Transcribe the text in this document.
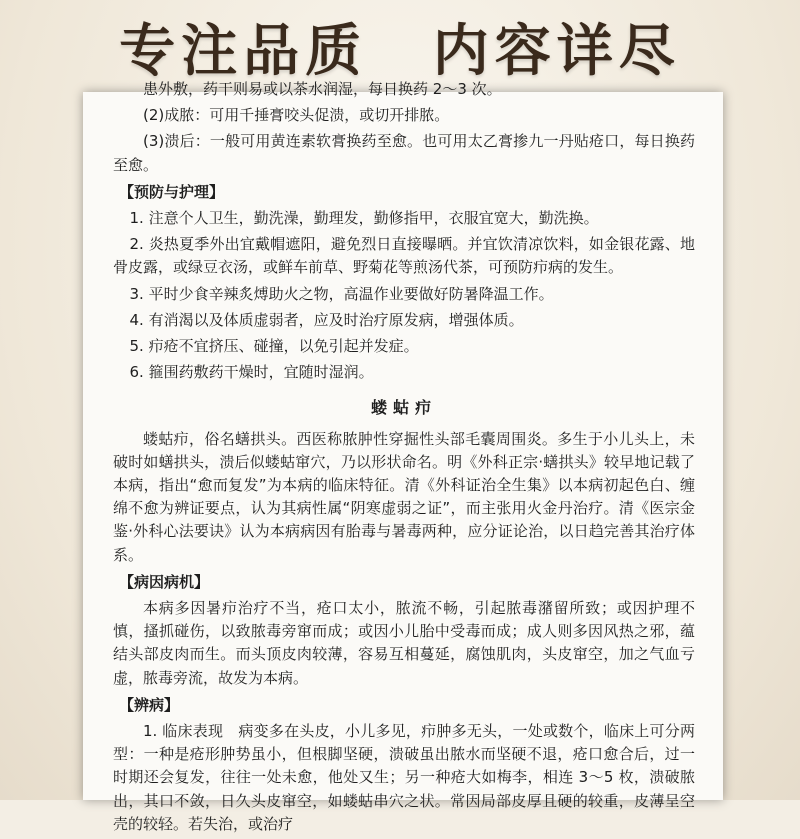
专注品质 内容详尽

患外敷，药干则易或以茶水润湿，每日换药 2～3 次。

(2)成脓：可用千捶膏咬头促溃，或切开排脓。

(3)溃后：一般可用黄连素软膏换药至愈。也可用太乙膏掺九一丹贴疮口，每日换药至愈。

【预防与护理】

1. 注意个人卫生，勤洗澡，勤理发，勤修指甲，衣服宜宽大，勤洗换。

2. 炎热夏季外出宜戴帽遮阳，避免烈日直接曝晒。并宜饮清凉饮料，如金银花露、地骨皮露，或绿豆衣汤，或鲜车前草、野菊花等煎汤代茶，可预防疖病的发生。

3. 平时少食辛辣炙煿助火之物，高温作业要做好防暑降温工作。

4. 有消渴以及体质虚弱者，应及时治疗原发病，增强体质。

5. 疖疮不宜挤压、碰撞，以免引起并发症。

6. 箍围药敷药干燥时，宜随时湿润。

蝼蛄疖

蝼蛄疖，俗名蟮拱头。西医称脓肿性穿掘性头部毛囊周围炎。多生于小儿头上，未破时如蟮拱头，溃后似蝼蛄窜穴，乃以形状命名。明《外科正宗·蟮拱头》较早地记载了本病，指出“愈而复发”为本病的临床特征。清《外科证治全生集》以本病初起色白、缠绵不愈为辨证要点，认为其病性属“阴寒虚弱之证”，而主张用火金丹治疗。清《医宗金鉴·外科心法要诀》认为本病病因有胎毒与暑毒两种，应分证论治，以日趋完善其治疗体系。

【病因病机】

本病多因暑疖治疗不当，疮口太小，脓流不畅，引起脓毒潴留所致；或因护理不慎，搔抓碰伤，以致脓毒旁窜而成；或因小儿胎中受毒而成；成人则多因风热之邪，蕴结头部皮肉而生。而头顶皮肉较薄，容易互相蔓延，腐蚀肌肉，头皮窜空，加之气血亏虚，脓毒旁流，故发为本病。

【辨病】

1. 临床表现　病变多在头皮，小儿多见，疖肿多无头，一处或数个，临床上可分两型：一种是疮形肿势虽小，但根脚坚硬，溃破虽出脓水而坚硬不退，疮口愈合后，过一时期还会复发，往往一处未愈，他处又生；另一种疮大如梅李，相连 3～5 枚，溃破脓出，其口不敛，日久头皮窜空，如蝼蛄串穴之状。常因局部皮厚且硬的较重，皮薄呈空壳的较轻。若失治，或治疗
